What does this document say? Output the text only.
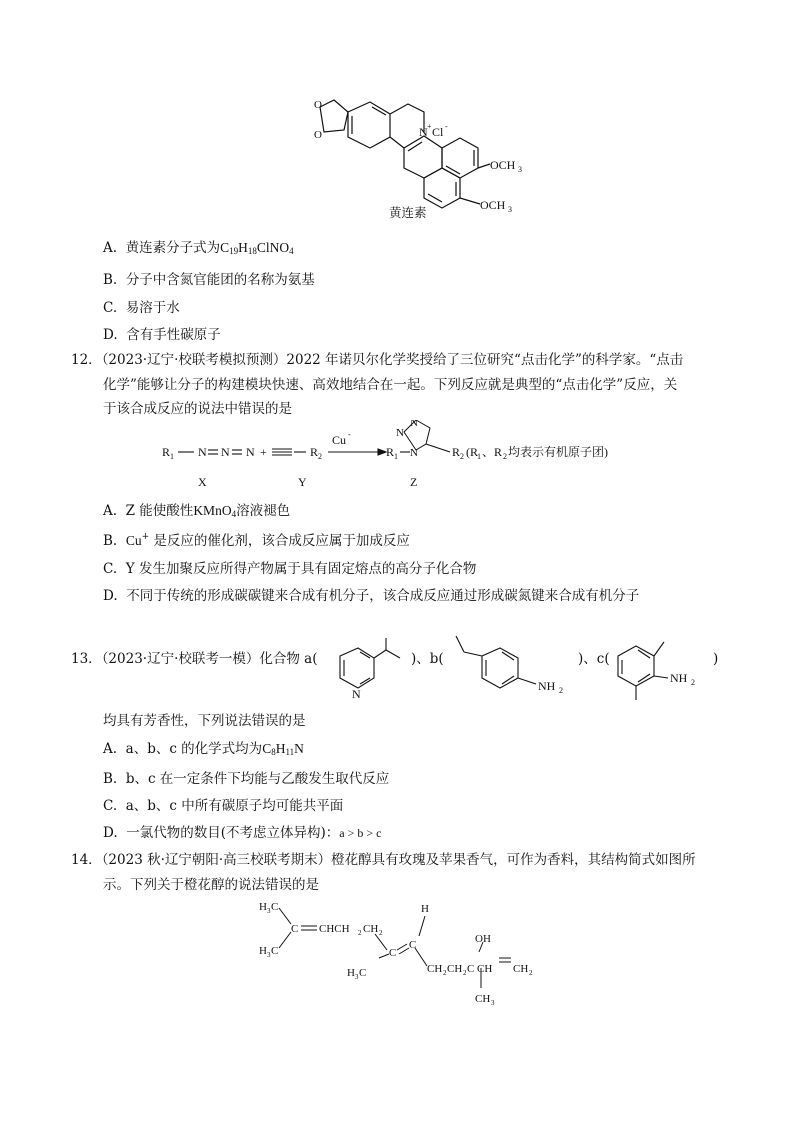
O
O	N + Cl -
OCH 3
OCH 3
黄连素
A. 黄连素分子式为$C_{19}H_{18}ClNO_4$
B. 分子中含氮官能团的名称为氨基
C. 易溶于水
D. 含有手性碳原子
12．（2023·辽宁·校联考模拟预测）2022 年诺贝尔化学奖授给了三位研究“点击化学”的科学家。“点击
化学”能够让分子的构建模块快速、高效地结合在一起。下列反应就是典型的“点击化学”反应，关
于该合成反应的说法中错误的是
R 1 N N N +	R 2
Cu -
R 1
N
N
N	R 2 (R 1 、R 2 均表示有机原子团)
X	Y	Z
A. Z 能使酸性KMnO$_4$溶液褪色
B. Cu+ 是反应的催化剂，该合成反应属于加成反应
C. Y 发生加聚反应所得产物属于具有固定熔点的高分子化合物
D. 不同于传统的形成碳碳键来合成有机分子，该合成反应通过形成碳氮键来合成有机分子
13．（2023·辽宁·校联考一模）化合物 a(	)、b(	)、c(	)
N
NH 2
NH 2
均具有芳香性，下列说法错误的是
A. a、b、c 的化学式均为$C_8H_{11}N$
B. b、c 在一定条件下均能与乙酸发生取代反应
C. a、b、c 中所有碳原子均可能共平面
D. 一氯代物的数目(不考虑立体异构)：a > b > c
14．（2023 秋·辽宁朝阳·高三校联考期末）橙花醇具有玫瑰及苹果香气，可作为香料，其结构简式如图所
示。下列关于橙花醇的说法错误的是
H 3 C
H 3 C
C CHCH 2 CH 2
H 3 C
C
C
H
CH 2 CH 2 C
OH
CH CH 2
CH 3
